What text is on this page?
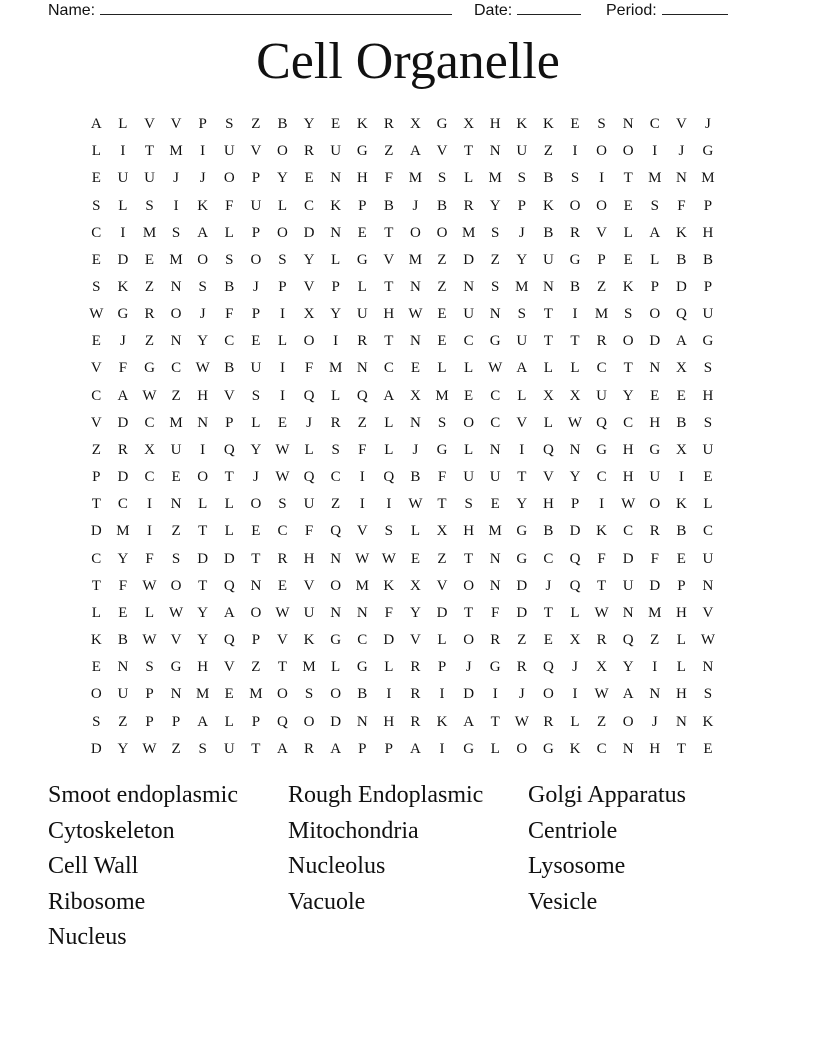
Name:	Date:	Period:
Cell Organelle
A	L	V	V	P	S	Z	B	Y	E	K	R	X	G	X	H	K	K	E	S	N	C	V	J
L	I	T	M	I	U	V	O	R	U	G	Z	A	V	T	N	U	Z	I	O	O	I	J	G
E	U	U	J	J	O	P	Y	E	N	H	F	M	S	L	M	S	B	S	I	T	M N M
S	L	S	I	K	F	U	L	C	K	P	B	J	B	R	Y	P	K	O	O	E	S	F	P
C	I	M	S	A	L	P	O	D	N	E	T	O	O M	S	J	B	R	V	L	A	K	H
E	D	E	M O	S	O	S	Y	L	G	V M	Z	D	Z	Y	U	G	P	E	L	B	B
S	K	Z	N	S	B	J	P	V	P	L	T	N	Z	N	S	M N	B	Z	K	P	D	P
W G	R	O	J	F	P	I	X	Y	U	H W E	U	N	S	T	I	M	S	O	Q	U
E	J	Z	N	Y	C	E	L	O	I	R	T	N	E	C	G	U	T	T	R	O	D	A	G
V	F	G	C W B	U	I	F	M N	C	E	L	L W A	L	L	C	T	N	X	S
C	A W Z	H	V	S	I	Q	L	Q	A	X M	E	C	L	X	X	U	Y	E	E	H
V	D	C M N	P	L	E	J	R	Z	L	N	S	O	C	V	L W Q	C	H	B	S
Z	R	X	U	I	Q	Y W L	S	F	L	J	G	L	N	I	Q	N	G	H	G	X	U
P	D	C	E	O	T	J	W Q	C	I	Q	B	F	U	U	T	V	Y	C	H	U	I	E
T	C	I	N	L	L	O	S	U	Z	I	I	W T	S	E	Y	H	P	I	W O	K	L
D M	I	Z	T	L	E	C	F	Q	V	S	L	X	H M G	B	D	K	C	R	B	C
C	Y	F	S	D	D	T	R	H	N W W E	Z	T	N	G	C	Q	F	D	F	E	U
T	F	W O	T	Q	N	E	V	O M K	X	V	O	N	D	J	Q	T	U	D	P	N
L	E	L W Y	A	O W U	N	N	F	Y	D	T	F	D	T	L W N M H	V
K	B W V	Y	Q	P	V	K	G	C	D	V	L	O	R	Z	E	X	R	Q	Z	L W
E	N	S	G	H	V	Z	T	M	L	G	L	R	P	J	G	R	Q	J	X	Y	I	L	N
O	U	P	N M	E	M O	S	O	B	I	R	I	D	I	J	O	I	W A	N	H	S
S	Z	P	P	A	L	P	Q	O	D	N	H	R	K	A	T W R	L	Z	O	J	N	K
D	Y W Z	S	U	T	A	R	A	P	P	A	I	G	L	O	G	K	C	N	H	T	E
Smoot endoplasmic	Rough Endoplasmic	Golgi Apparatus
Cytoskeleton	Mitochondria	Centriole
Cell Wall	Nucleolus	Lysosome
Ribosome	Vacuole	Vesicle
Nucleus
